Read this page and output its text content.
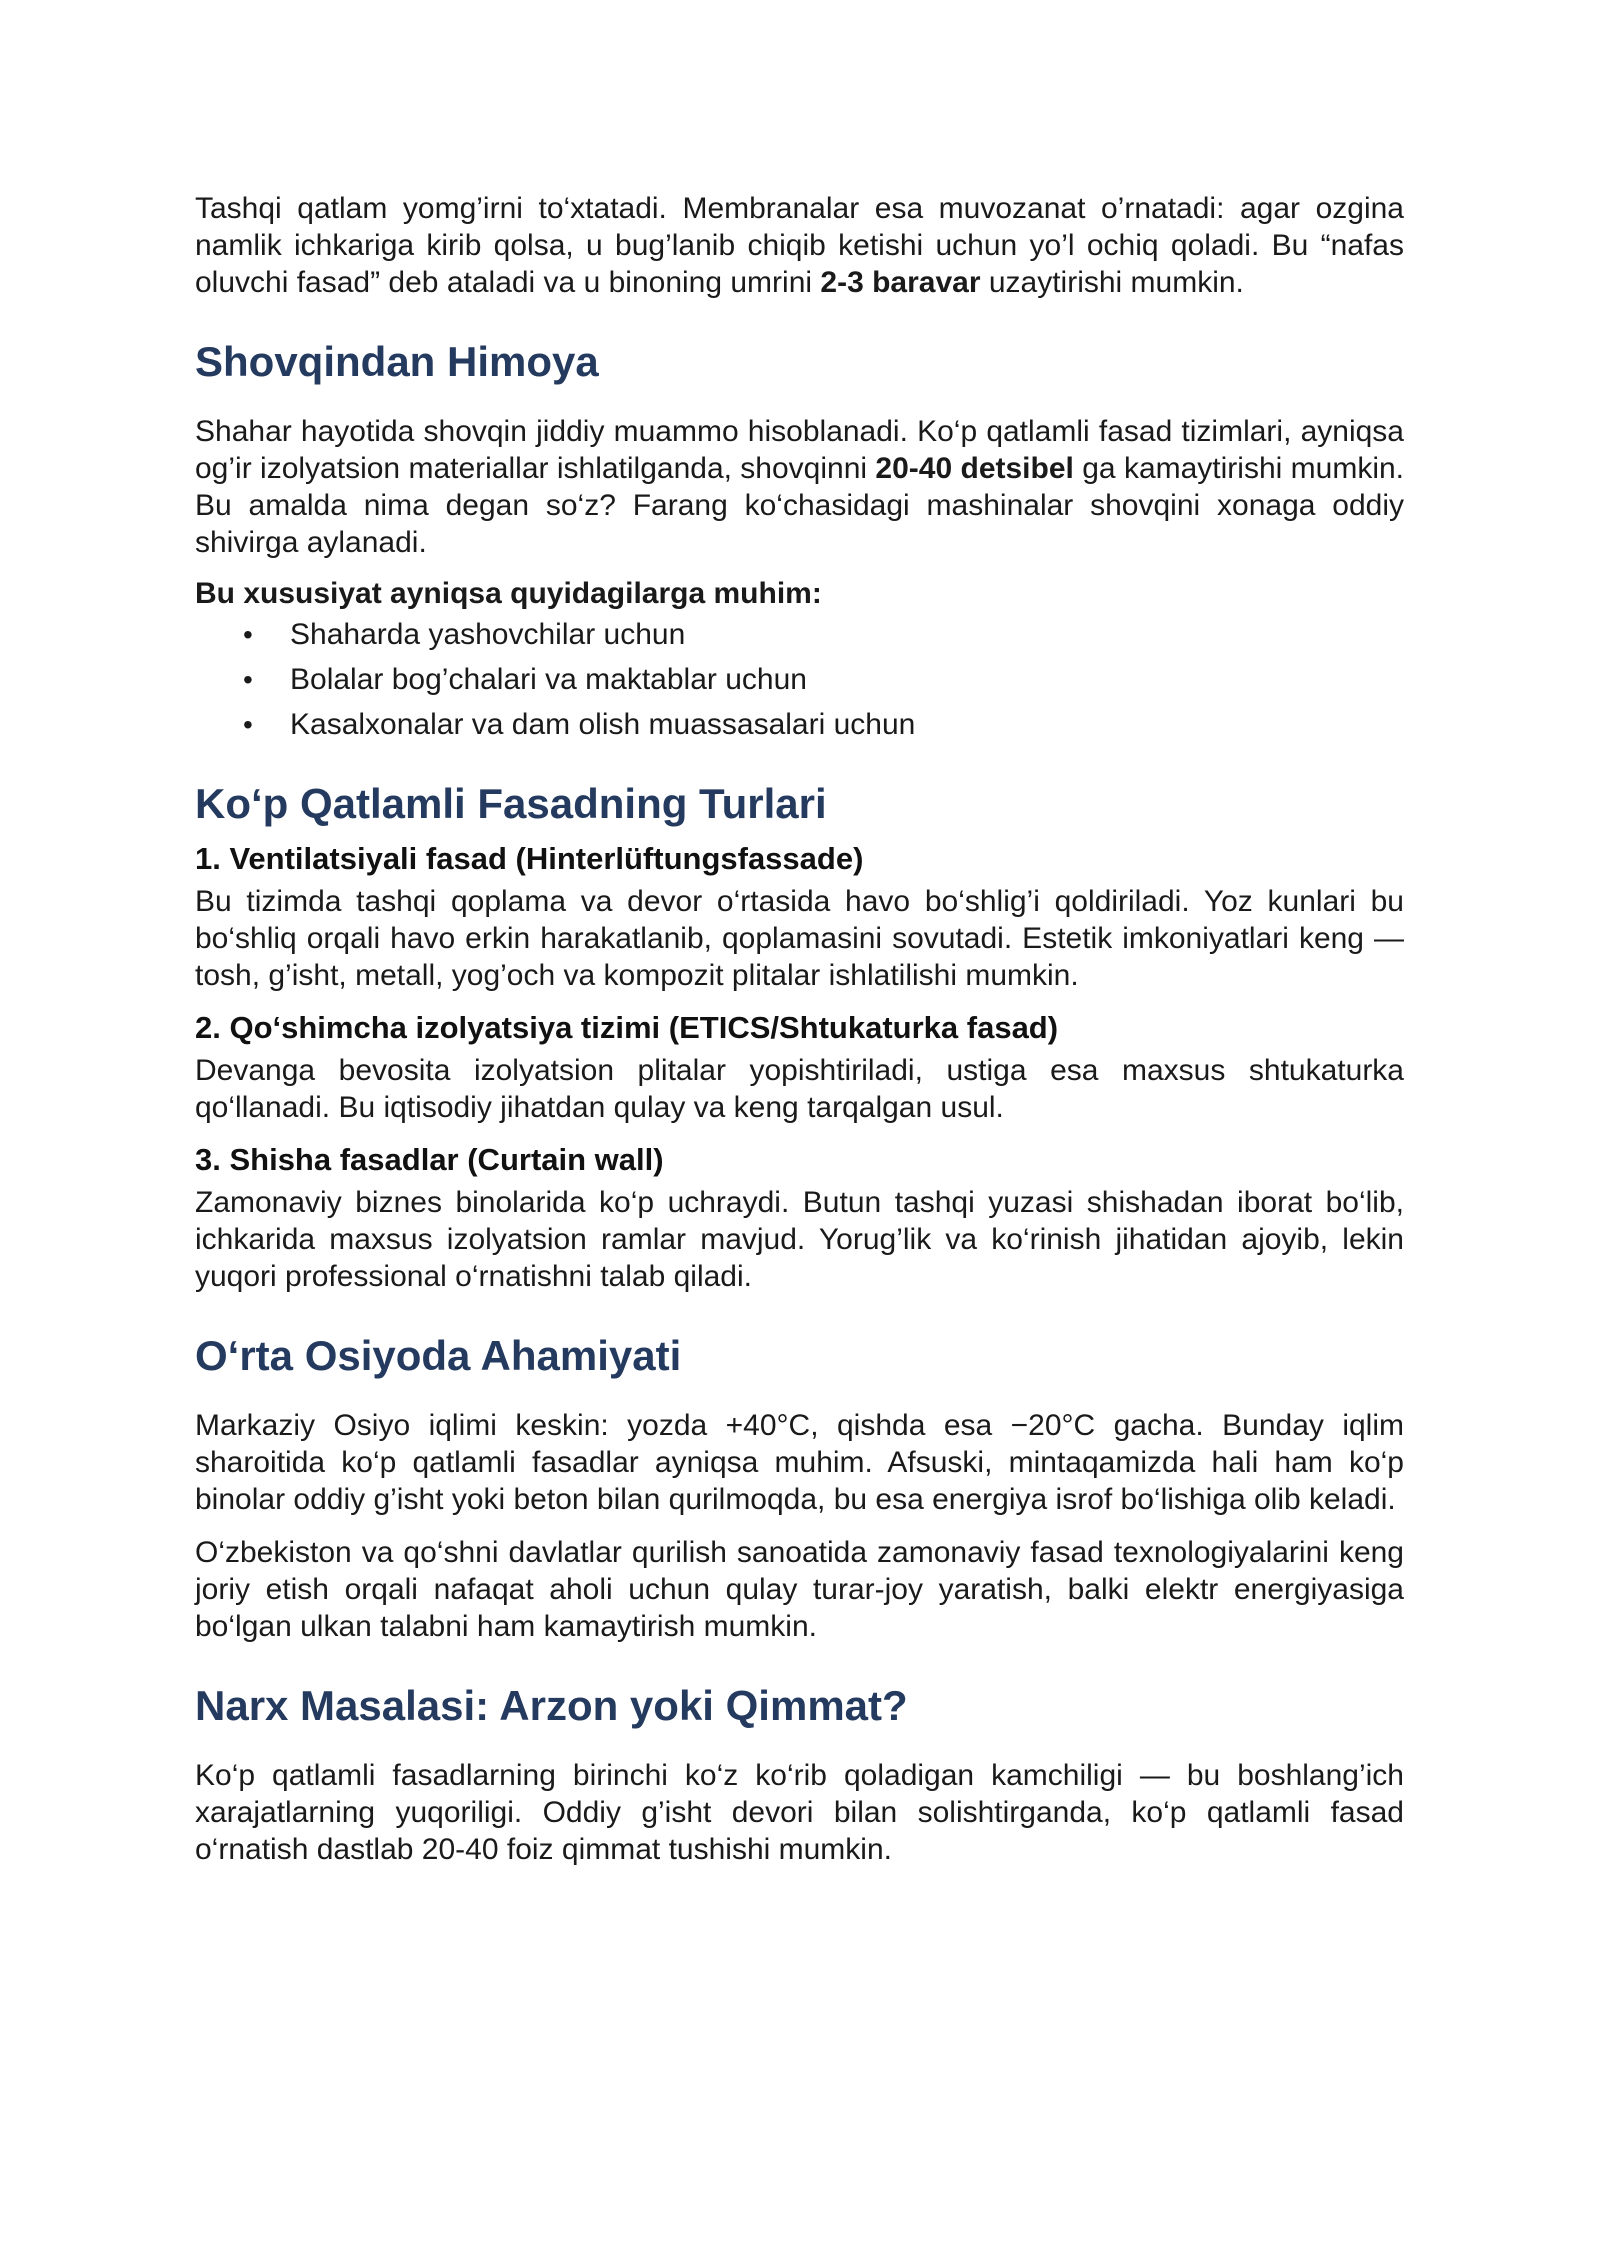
Tashqi qatlam yomg’irni to‘xtatadi. Membranalar esa muvozanat o’rnatadi: agar ozgina namlik ichkariga kirib qolsa, u bug’lanib chiqib ketishi uchun yo’l ochiq qoladi. Bu “nafas oluvchi fasad” deb ataladi va u binoning umrini 2-3 baravar uzaytirishi mumkin.

Shovqindan Himoya

Shahar hayotida shovqin jiddiy muammo hisoblanadi. Ko‘p qatlamli fasad tizimlari, ayniqsa og’ir izolyatsion materiallar ishlatilganda, shovqinni 20-40 detsibel ga kamaytirishi mumkin. Bu amalda nima degan so‘z? Farang ko‘chasidagi mashinalar shovqini xonaga oddiy shivirga aylanadi.

Bu xususiyat ayniqsa quyidagilarga muhim:

• Shaharda yashovchilar uchun
• Bolalar bog’chalari va maktablar uchun
• Kasalxonalar va dam olish muassasalari uchun
Ko‘p Qatlamli Fasadning Turlari
1. Ventilatsiyali fasad (Hinterlüftungsfassade)

Bu tizimda tashqi qoplama va devor o‘rtasida havo bo‘shlig’i qoldiriladi. Yoz kunlari bu bo‘shliq orqali havo erkin harakatlanib, qoplamasini sovutadi. Estetik imkoniyatlari keng — tosh, g’isht, metall, yog’och va kompozit plitalar ishlatilishi mumkin.

2. Qo‘shimcha izolyatsiya tizimi (ETICS/Shtukaturka fasad)

Devanga bevosita izolyatsion plitalar yopishtiriladi, ustiga esa maxsus shtukaturka qo‘llanadi. Bu iqtisodiy jihatdan qulay va keng tarqalgan usul.

3. Shisha fasadlar (Curtain wall)

Zamonaviy biznes binolarida ko‘p uchraydi. Butun tashqi yuzasi shishadan iborat bo‘lib, ichkarida maxsus izolyatsion ramlar mavjud. Yorug’lik va ko‘rinish jihatidan ajoyib, lekin yuqori professional o‘rnatishni talab qiladi.

O‘rta Osiyoda Ahamiyati

Markaziy Osiyo iqlimi keskin: yozda +40°C, qishda esa −20°C gacha. Bunday iqlim sharoitida ko‘p qatlamli fasadlar ayniqsa muhim. Afsuski, mintaqamizda hali ham ko‘p binolar oddiy g’isht yoki beton bilan qurilmoqda, bu esa energiya isrof bo‘lishiga olib keladi.

O‘zbekiston va qo‘shni davlatlar qurilish sanoatida zamonaviy fasad texnologiyalarini keng joriy etish orqali nafaqat aholi uchun qulay turar-joy yaratish, balki elektr energiyasiga bo‘lgan ulkan talabni ham kamaytirish mumkin.

Narx Masalasi: Arzon yoki Qimmat?

Ko‘p qatlamli fasadlarning birinchi ko‘z ko‘rib qoladigan kamchiligi — bu boshlang’ich xarajatlarning yuqoriligi. Oddiy g’isht devori bilan solishtirganda, ko‘p qatlamli fasad o‘rnatish dastlab 20-40 foiz qimmat tushishi mumkin.
